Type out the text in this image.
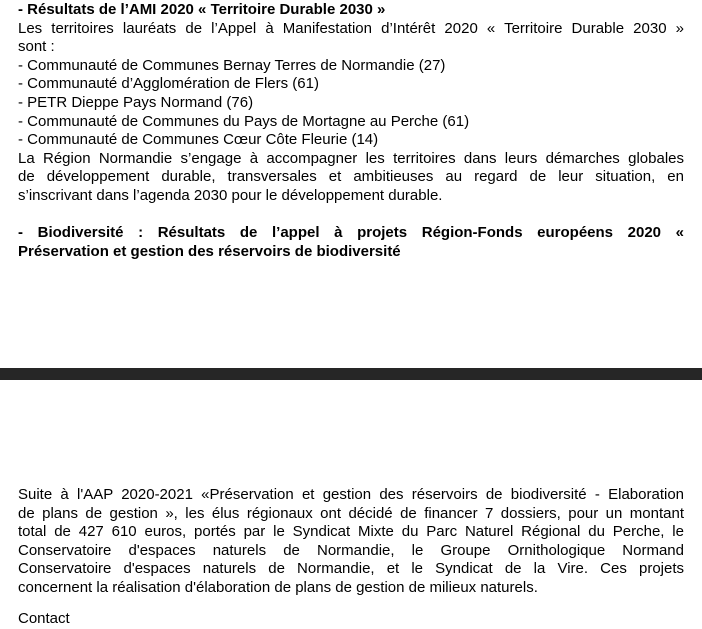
- Résultats de l’AMI 2020 « Territoire Durable 2030 »
Les territoires lauréats de l’Appel à Manifestation d’Intérêt 2020 « Territoire Durable 2030 »
sont :
- Communauté de Communes Bernay Terres de Normandie (27)
- Communauté d’Agglomération de Flers (61)
- PETR Dieppe Pays Normand (76)
- Communauté de Communes du Pays de Mortagne au Perche (61)
- Communauté de Communes Cœur Côte Fleurie (14)
La Région Normandie s’engage à accompagner les territoires dans leurs démarches globales
de développement durable, transversales et ambitieuses au regard de leur situation, en
s’inscrivant dans l’agenda 2030 pour le développement durable.
- Biodiversité : Résultats de l’appel à projets Région-Fonds européens 2020 «
Préservation et gestion des réservoirs de biodiversité
Suite à l'AAP 2020-2021 «Préservation et gestion des réservoirs de biodiversité - Elaboration
de plans de gestion », les élus régionaux ont décidé de financer 7 dossiers, pour un montant
total de 427 610 euros, portés par le Syndicat Mixte du Parc Naturel Régional du Perche, le
Conservatoire d'espaces naturels de Normandie, le Groupe Ornithologique Normand
Conservatoire d'espaces naturels de Normandie, et le Syndicat de la Vire. Ces projets
concernent la réalisation d'élaboration de plans de gestion de milieux naturels.
Contact
